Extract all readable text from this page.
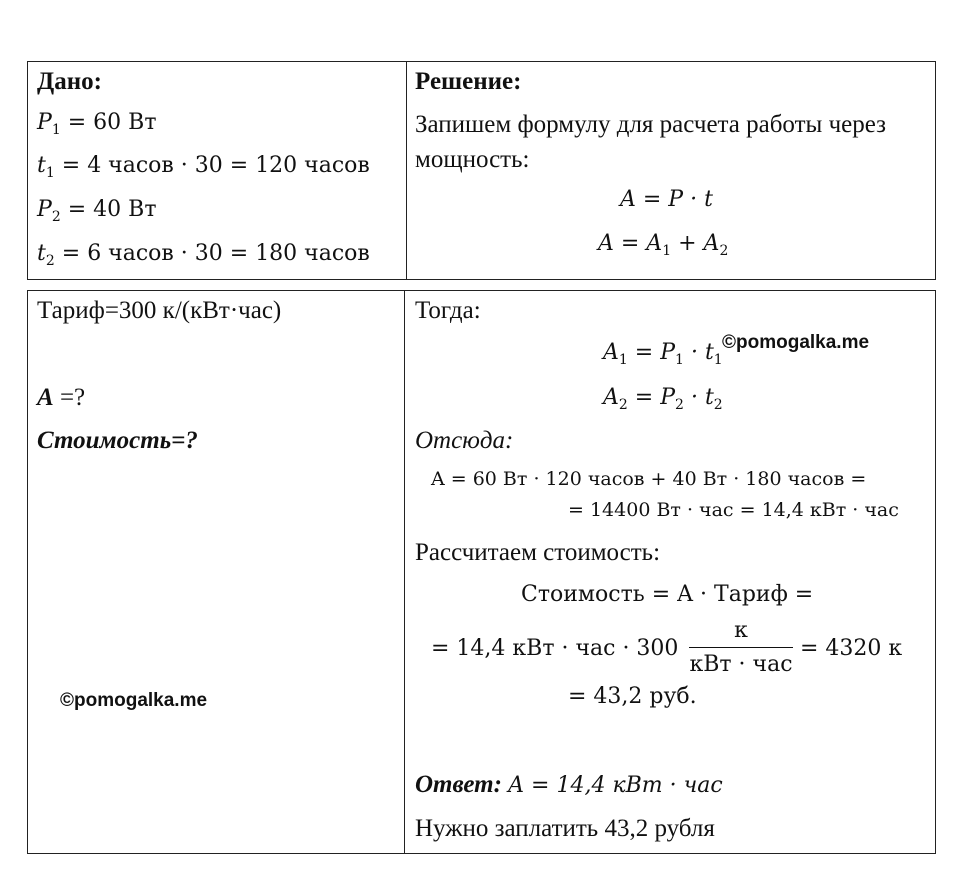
Дано:
$P_1 = 60$ Вт
$t_1 = 4$ часов · 30 = 120 часов
$P_2 = 40$ Вт
$t_2 = 6$ часов · 30 = 180 часов
Решение:
Запишем формулу для расчета работы через
мощность:
A = P · t
$A = A_1 + A_2$
Тариф=300 к/(кВт·час)
A =?
Стоимость=?
©pomogalka.me
Тогда:
$A_1 = P_1 \cdot t_1$
©pomogalka.me
$A_2 = P_2 \cdot t_2$
Отсюда:
A = 60 Вт · 120 часов + 40 Вт · 180 часов =
= 14400 Вт · час = 14,4 кВт · час
Рассчитаем стоимость:
Стоимость = A · Тариф =
= 14,4 кВт · час · 300
к
кВт · час
= 4320 к
= 43,2 руб.
Ответ: A = 14,4 кВт · час
Нужно заплатить 43,2 рубля
